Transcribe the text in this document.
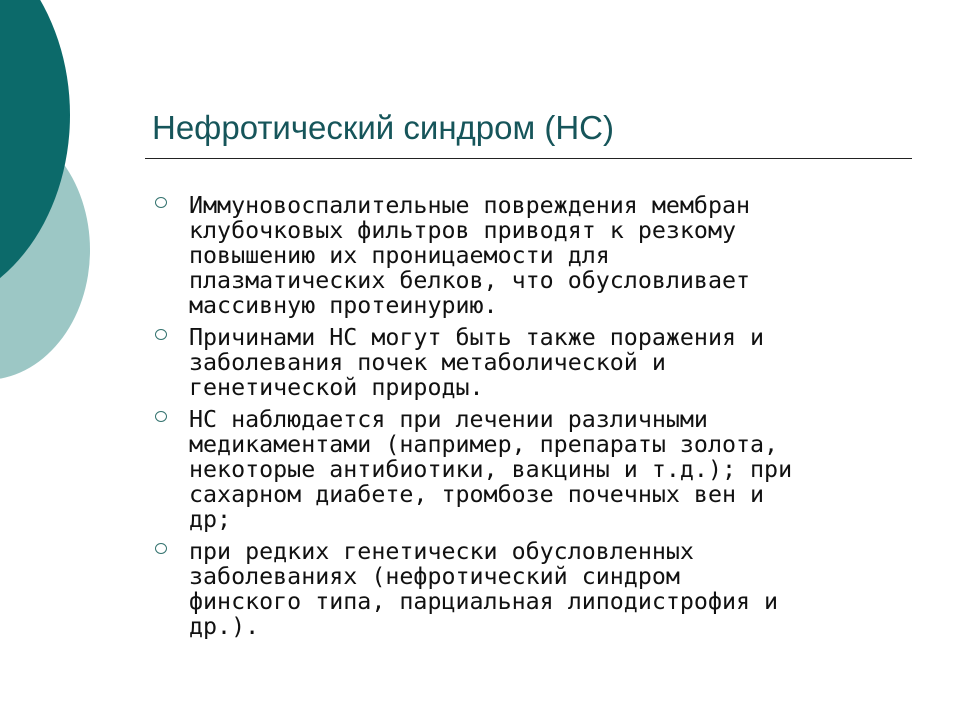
Нефротический синдром (НС)
Иммуновоспалительные повреждения мембран
клубочковых фильтров приводят к резкому
повышению их проницаемости для
плазматических белков, что обусловливает
массивную протеинурию.
Причинами НС могут быть также поражения и
заболевания почек метаболической и
генетической природы.
НС наблюдается при лечении различными
медикаментами (например, препараты золота,
некоторые антибиотики, вакцины и т.д.); при
сахарном диабете, тромбозе почечных вен и
др;
при редких генетически обусловленных
заболеваниях (нефротический синдром
финского типа, парциальная липодистрофия и
др.).
